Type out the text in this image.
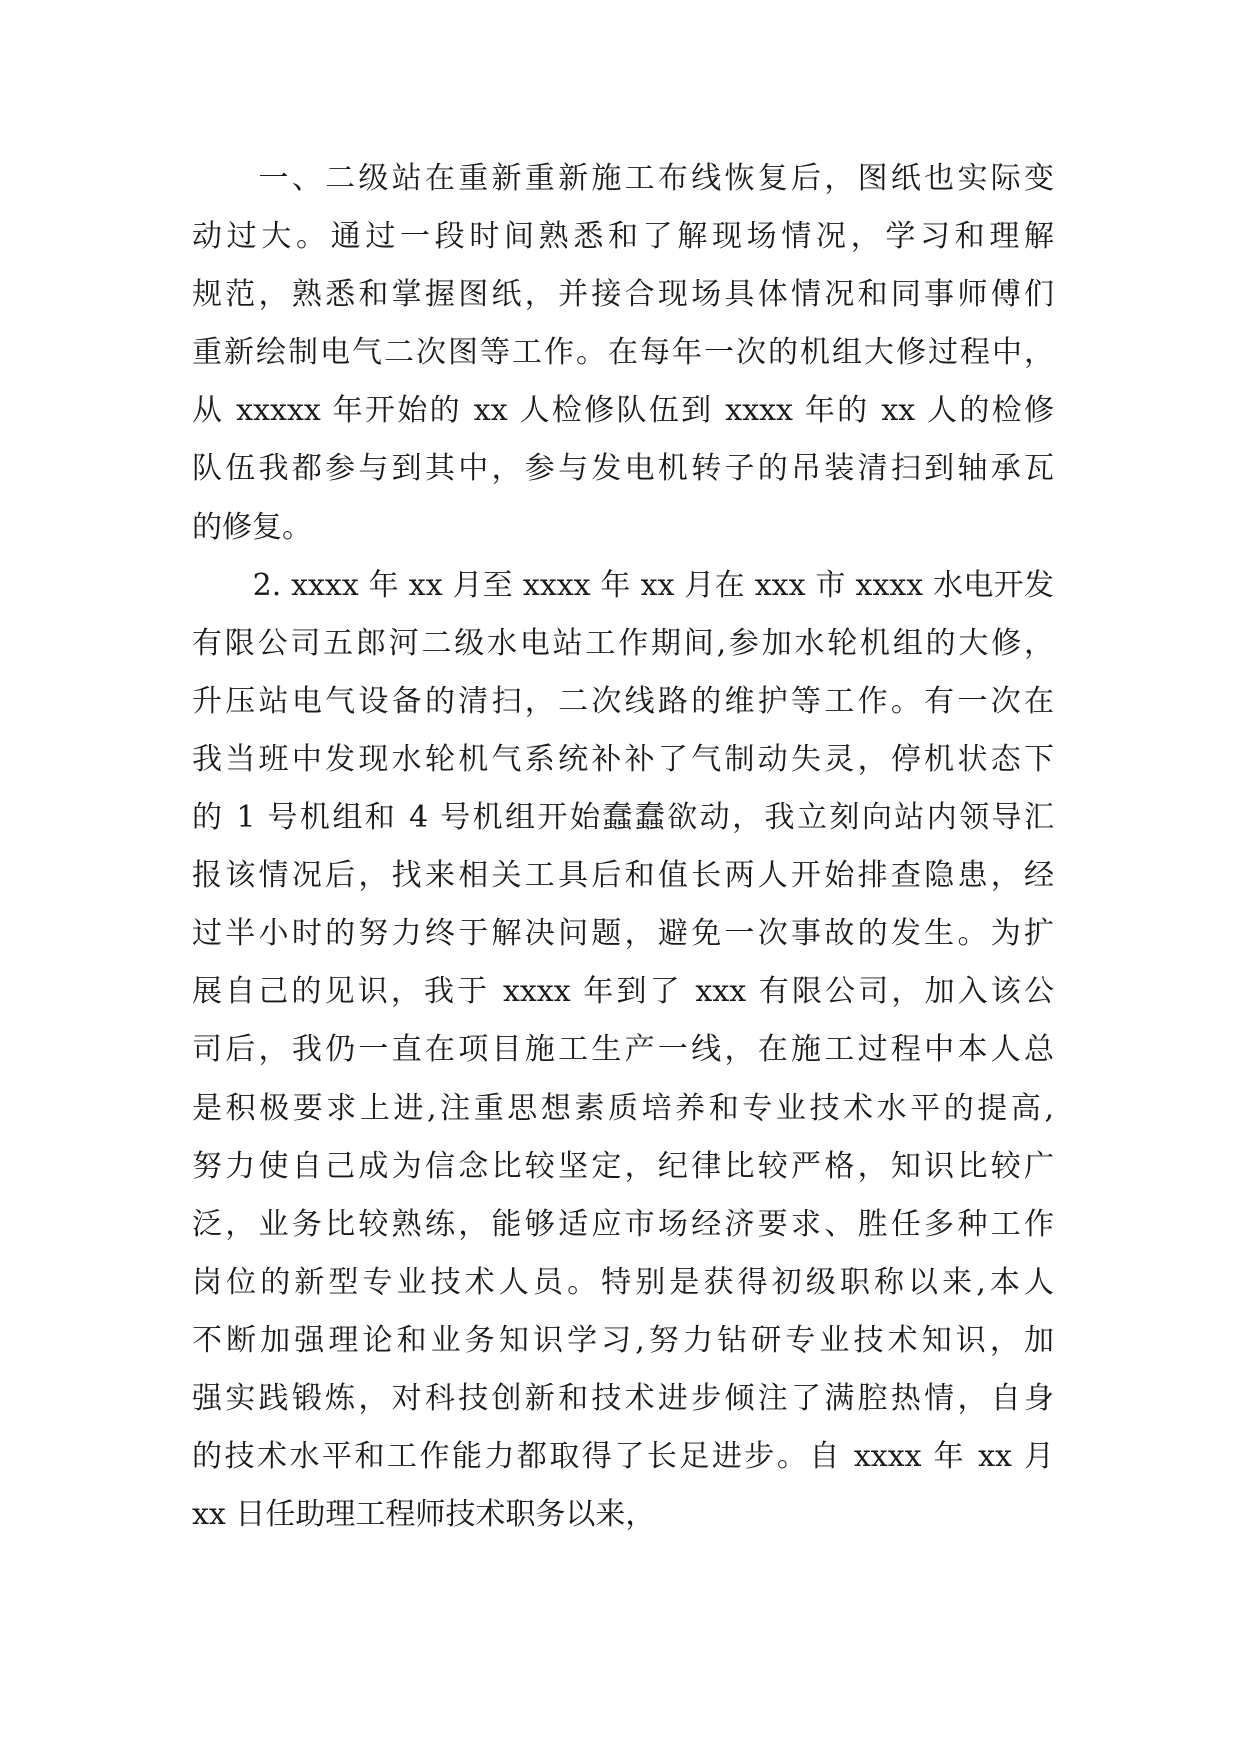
　　一、二级站在重新重新施工布线恢复后，图纸也实际变
动过大。通过一段时间熟悉和了解现场情况，学习和理解
规范，熟悉和掌握图纸，并接合现场具体情况和同事师傅们
重新绘制电气二次图等工作。在每年一次的机组大修过程中，
从 xxxxx 年开始的 xx 人检修队伍到 xxxx 年的 xx 人的检修
队伍我都参与到其中，参与发电机转子的吊装清扫到轴承瓦
的修复。
　　2. xxxx 年 xx 月至 xxxx 年 xx 月在 xxx 市 xxxx 水电开发
有限公司五郎河二级水电站工作期间,参加水轮机组的大修，
升压站电气设备的清扫，二次线路的维护等工作。有一次在
我当班中发现水轮机气系统补补了气制动失灵，停机状态下
的 1 号机组和 4 号机组开始蠢蠢欲动，我立刻向站内领导汇
报该情况后，找来相关工具后和值长两人开始排查隐患，经
过半小时的努力终于解决问题，避免一次事故的发生。为扩
展自己的见识，我于 xxxx 年到了 xxx 有限公司，加入该公
司后，我仍一直在项目施工生产一线，在施工过程中本人总
是积极要求上进,注重思想素质培养和专业技术水平的提高,
努力使自己成为信念比较坚定，纪律比较严格，知识比较广
泛，业务比较熟练，能够适应市场经济要求、胜任多种工作
岗位的新型专业技术人员。特别是获得初级职称以来,本人
不断加强理论和业务知识学习,努力钻研专业技术知识，加
强实践锻炼，对科技创新和技术进步倾注了满腔热情，自身
的技术水平和工作能力都取得了长足进步。自 xxxx 年 xx 月
xx 日任助理工程师技术职务以来，
